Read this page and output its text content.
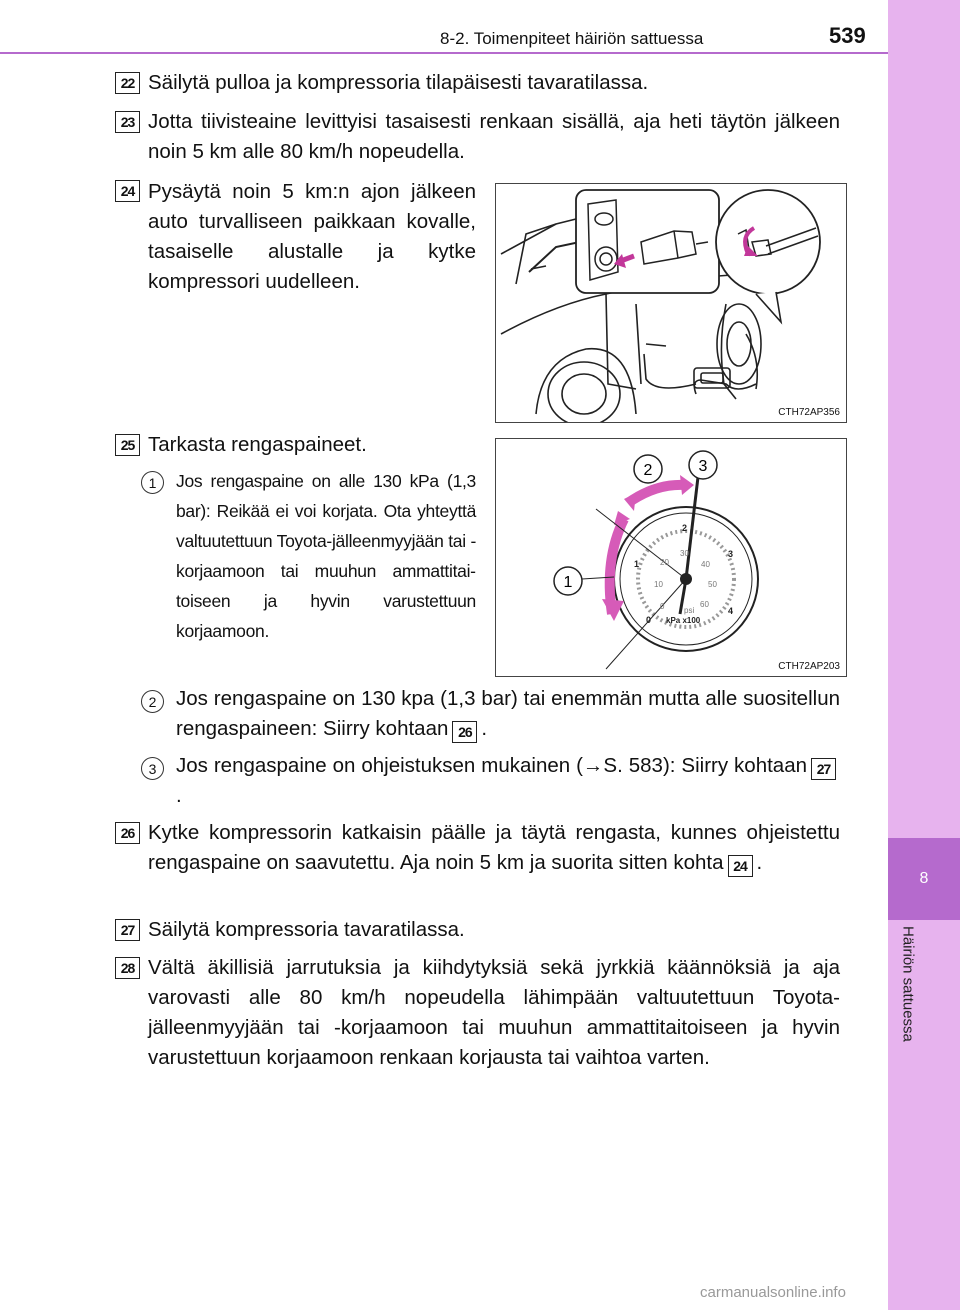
8
Häiriön sattuessa
8-2. Toimenpiteet häiriön sattuessa	539
22 Säilytä pulloa ja kompressoria tilapäisesti tavaratilassa.
23 Jotta tiivisteaine levittyisi tasaisesti renkaan sisällä, aja heti täytön jälkeen noin 5 km alle 80 km/h nopeudella.
24 Pysäytä noin 5 km:n ajon jälkeen auto turvalliseen paikkaan kovalle, tasaiselle alustalle ja kytke kompressori uudelleen.
CTH72AP356
25 Tarkasta rengaspaineet.
1	Jos rengaspaine on alle 130 kPa (1,3 bar): Reikää ei voi korjata. Ota yhteyttä valtuutettuun Toyota-jälleenmyyjään tai -korjaamoon tai muuhun ammattitaitoiseen ja hyvin varustettuun korjaamoon.
1
2	3
0
1
2
3
4
kPa x100
0
10
20
30
40
50
60
psi
CTH72AP203
2 Jos rengaspaine on 130 kpa (1,3 bar) tai enemmän mutta alle suositellun rengaspaineen: Siirry kohtaan 26 .
3 Jos rengaspaine on ohjeistuksen mukainen (→S. 583): Siirry kohtaan 27.
26 Kytke kompressorin katkaisin päälle ja täytä rengasta, kunnes ohjeistettu rengaspaine on saavutettu. Aja noin 5 km ja suorita sitten kohta 24 .
27 Säilytä kompressoria tavaratilassa.
28 Vältä äkillisiä jarrutuksia ja kiihdytyksiä sekä jyrkkiä käännöksiä ja aja varovasti alle 80 km/h nopeudella lähimpään valtuutettuun Toyota-jälleenmyyjään tai -korjaamoon tai muuhun ammattitaitoiseen ja hyvin varustettuun korjaamoon renkaan korjausta tai vaihtoa varten.
carmanualsonline.info
